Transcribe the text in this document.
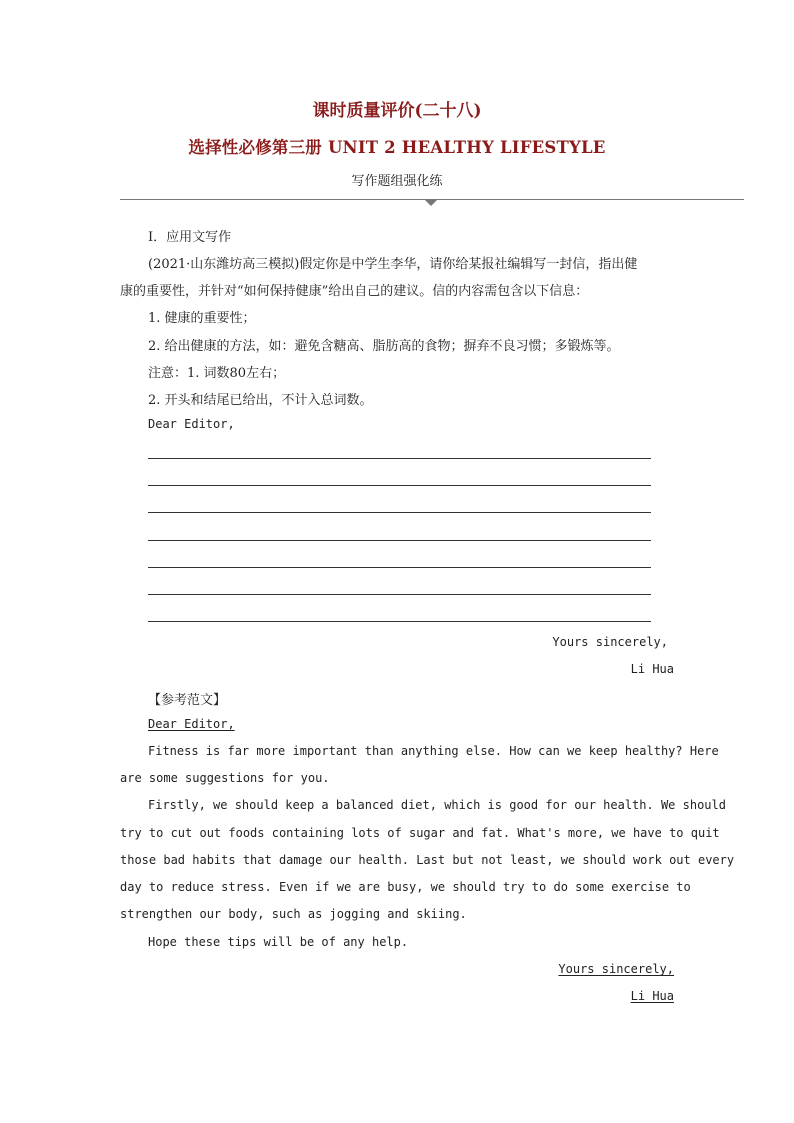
课时质量评价(二十八)
选择性必修第三册 UNIT 2 HEALTHY LIFESTYLE
写作题组强化练
Ⅰ．应用文写作
(2021·山东潍坊高三模拟)假定你是中学生李华，请你给某报社编辑写一封信，指出健
康的重要性，并针对“如何保持健康”给出自己的建议。信的内容需包含以下信息：
1. 健康的重要性；
2. 给出健康的方法，如：避免含糖高、脂肪高的食物；摒弃不良习惯；多锻炼等。
注意：1. 词数80左右；
2. 开头和结尾已给出，不计入总词数。
Dear Editor,
Yours sincerely,
Li Hua
【参考范文】
Dear Editor,
Fitness is far more important than anything else. How can we keep healthy? Here
are some suggestions for you.
Firstly, we should keep a balanced diet, which is good for our health. We should
try to cut out foods containing lots of sugar and fat. What's more, we have to quit
those bad habits that damage our health. Last but not least, we should work out every
day to reduce stress. Even if we are busy, we should try to do some exercise to
strengthen our body, such as jogging and skiing.
Hope these tips will be of any help.
Yours sincerely,
Li Hua
